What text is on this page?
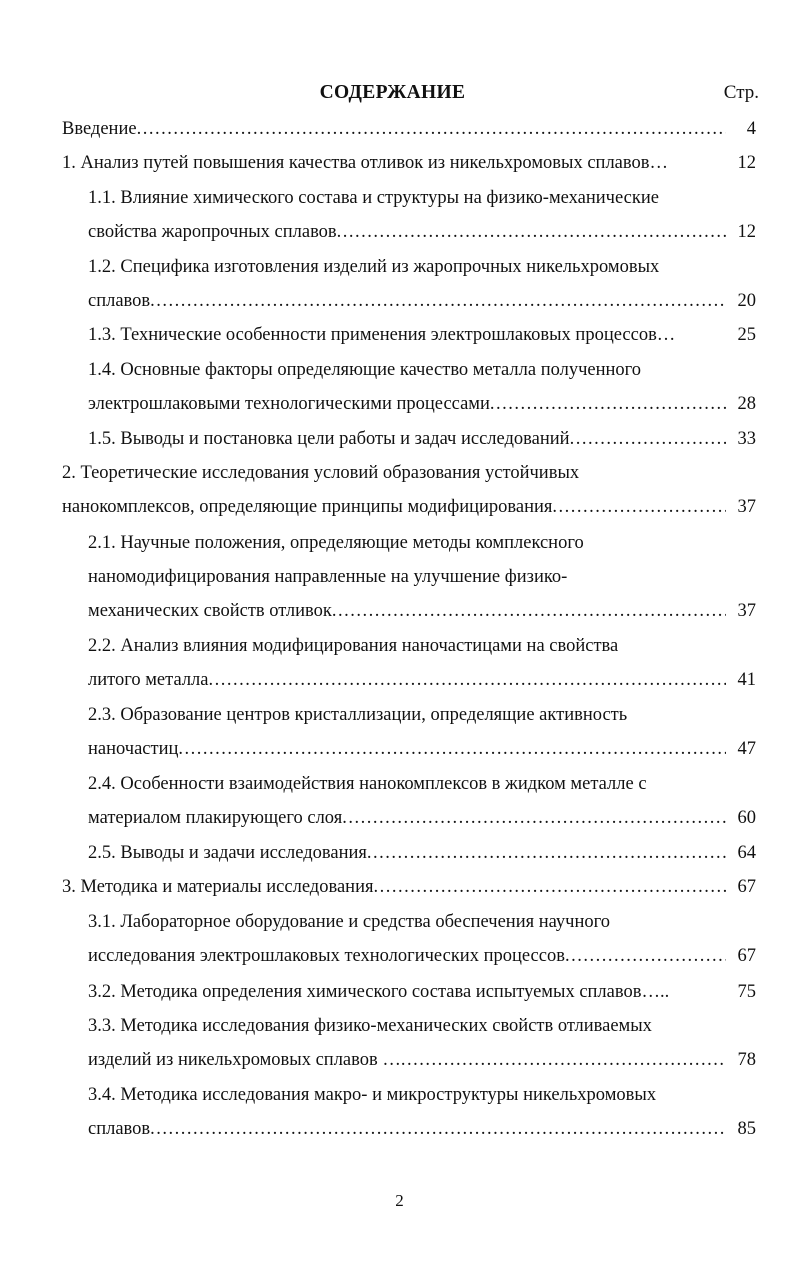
СОДЕРЖАНИЕ	Стр.
Введение .....	4
1. Анализ путей повышения качества отливок из никельхромовых сплавов…	12
1.1. Влияние химического состава и структуры на физико-механические
свойства жаропрочных сплавов .....	12
1.2. Специфика изготовления изделий из жаропрочных никельхромовых
сплавов .....	20
1.3. Технические особенности применения электрошлаковых процессов…	25
1.4. Основные факторы определяющие качество металла полученного
электрошлаковыми технологическими процессами .....	28
1.5. Выводы и постановка цели работы и задач исследований .....	33
2. Теоретические исследования условий образования устойчивых
нанокомплексов, определяющие принципы модифицирования .....	37
2.1. Научные положения, определяющие методы комплексного
наномодифицирования направленные на улучшение физико-
механических свойств отливок .....	37
2.2. Анализ влияния модифицирования наночастицами на свойства
литого металла .....	41
2.3. Образование центров кристаллизации, определящие активность
наночастиц .....	47
2.4. Особенности взаимодействия нанокомплексов в жидком металле с
материалом плакирующего слоя .....	60
2.5. Выводы и задачи исследования .....	64
3. Методика и материалы исследования .....	67
3.1. Лабораторное оборудование и средства обеспечения научного
исследования электрошлаковых технологических процессов .....	67
3.2. Методика определения химического состава испытуемых сплавов…..	75
3.3. Методика исследования физико-механических свойств отливаемых
изделий из никельхромовых сплавов … .....	78
3.4. Методика исследования макро- и микроструктуры никельхромовых
сплавов .....	85
2
